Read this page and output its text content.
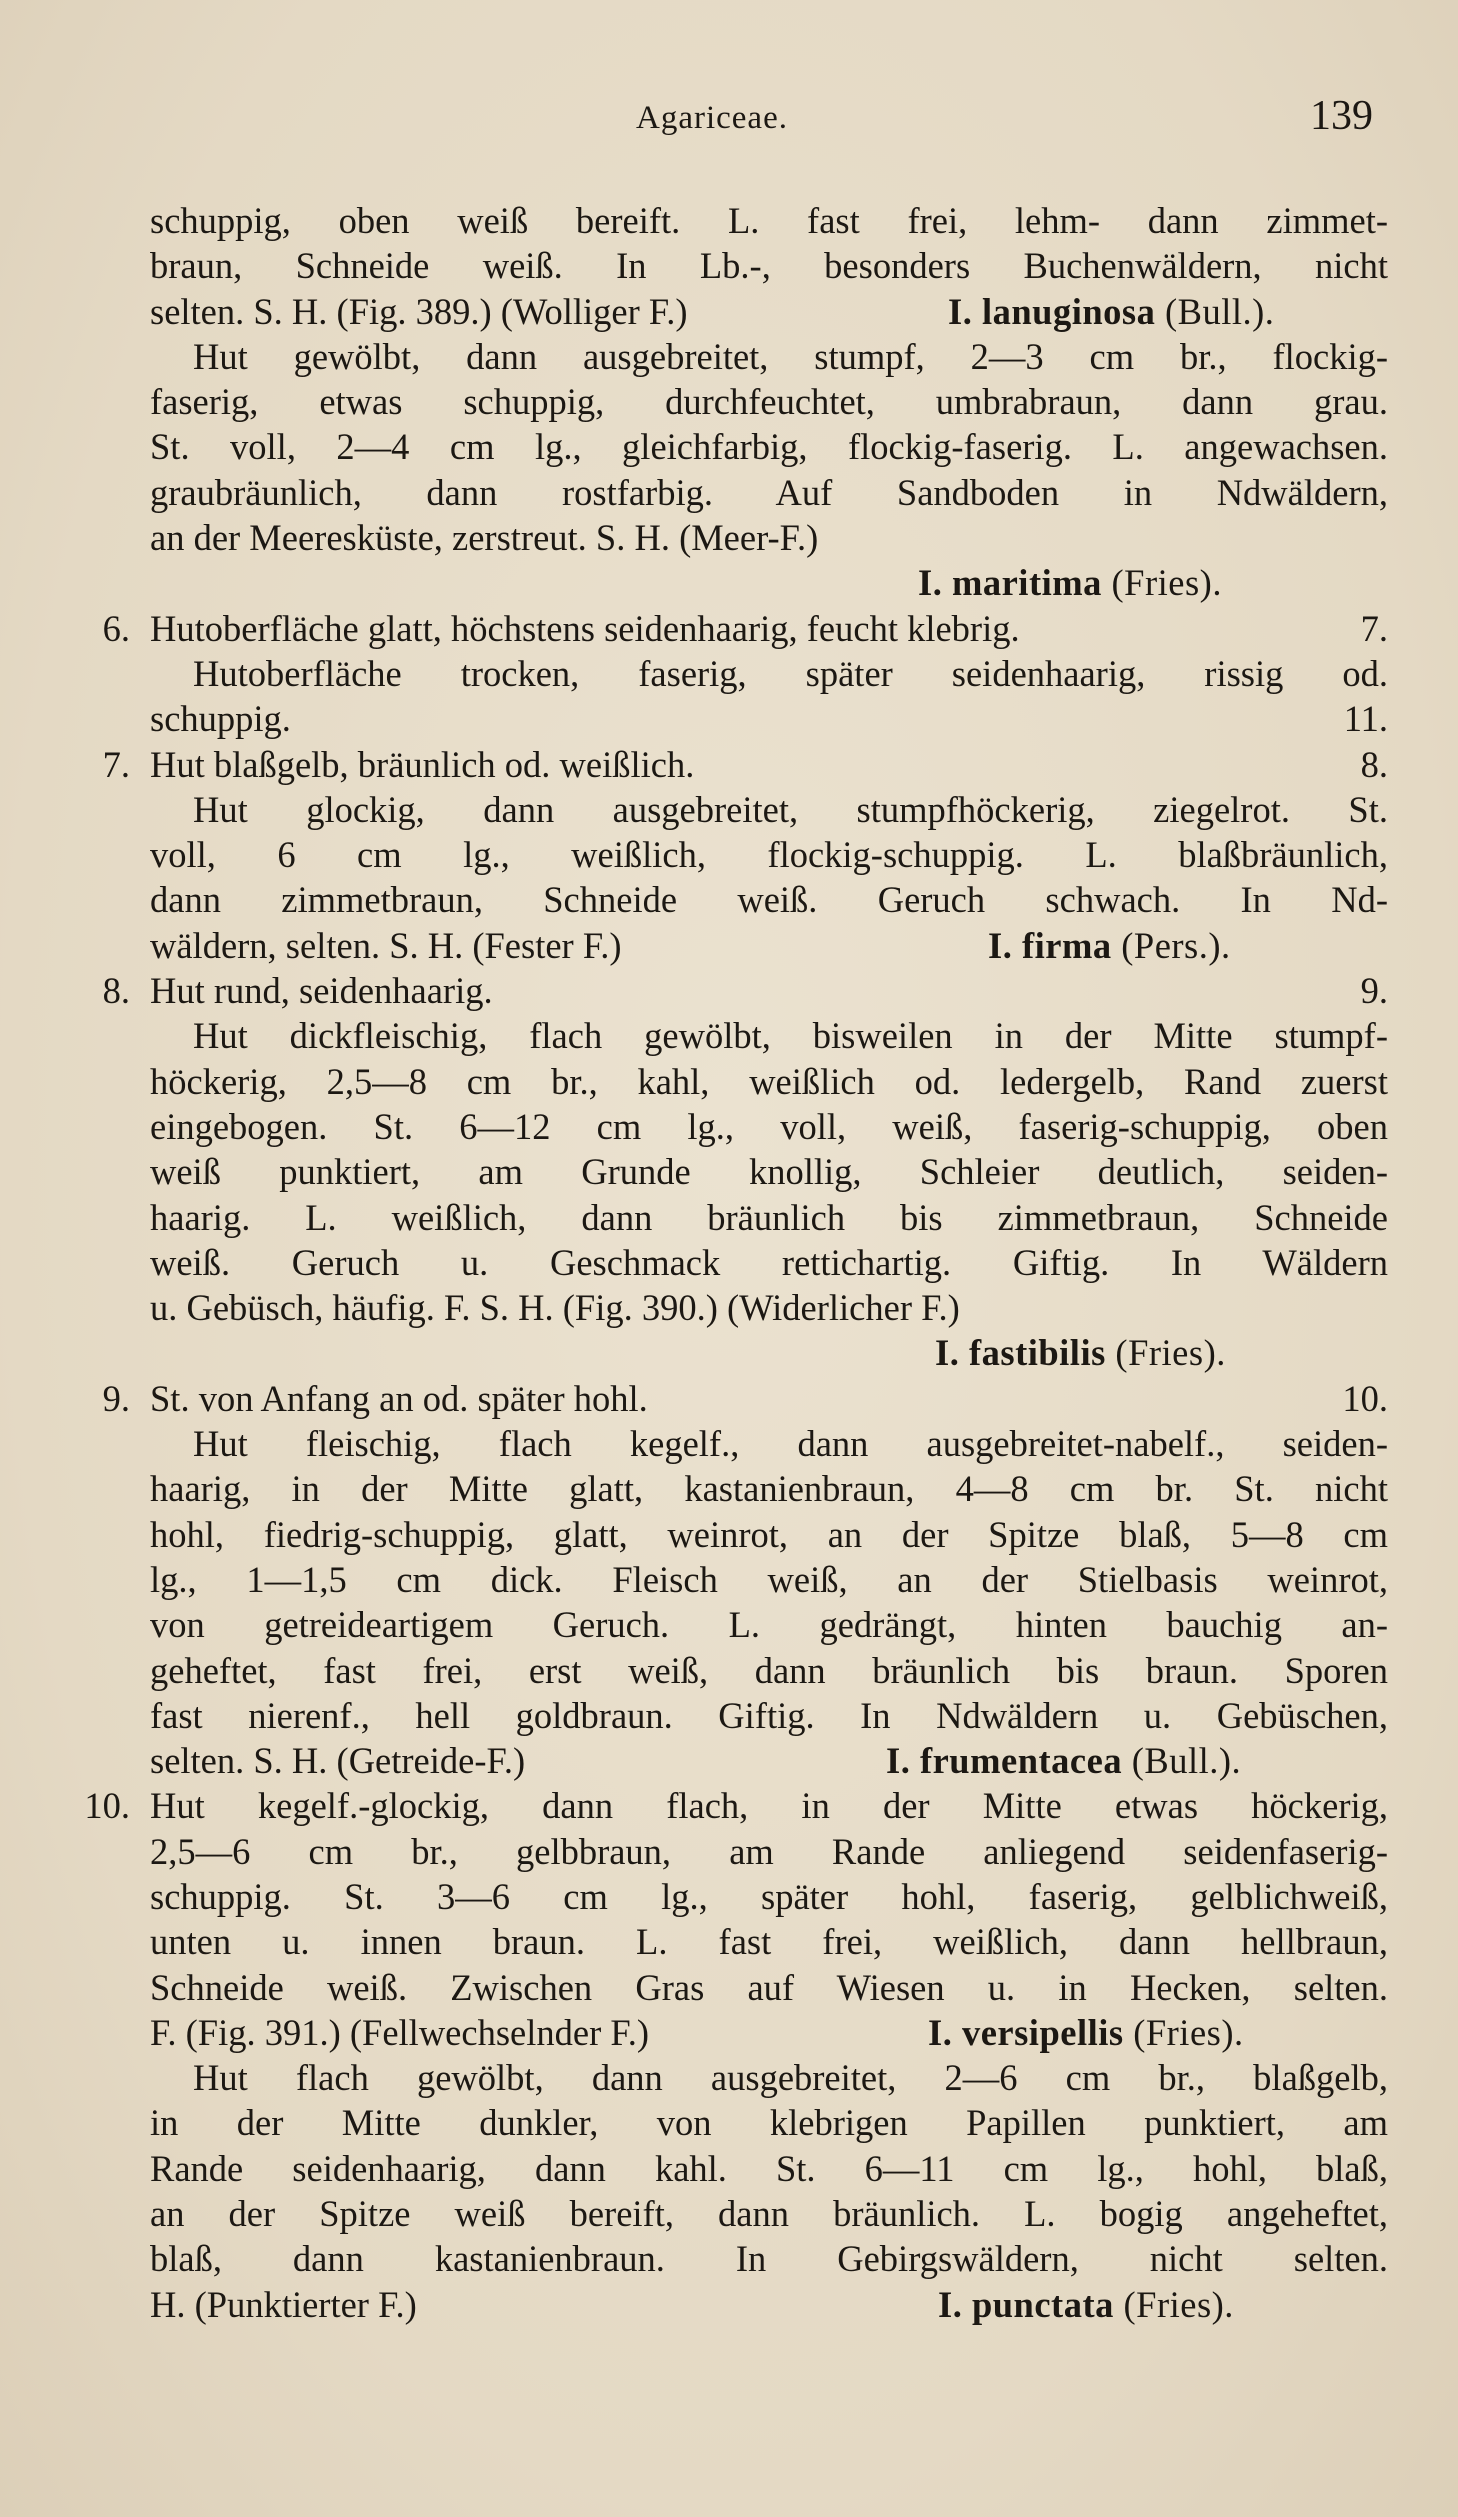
Agariceae.	139
schuppig, oben weiß bereift. L. fast frei, lehm- dann zimmet-
braun, Schneide weiß. In Lb.-, besonders Buchenwäldern, nicht
selten. S. H. (Fig. 389.) (Wolliger F.)	I. lanuginosa (Bull.).
Hut gewölbt, dann ausgebreitet, stumpf, 2—3 cm br., flockig-
faserig, etwas schuppig, durchfeuchtet, umbrabraun, dann grau.
St. voll, 2—4 cm lg., gleichfarbig, flockig-faserig. L. angewachsen.
graubräunlich, dann rostfarbig. Auf Sandboden in Ndwäldern,
an der Meeresküste, zerstreut. S. H. (Meer-F.)
I. maritima (Fries).
6. Hutoberfläche glatt, höchstens seidenhaarig, feucht klebrig.	7.
Hutoberfläche trocken, faserig, später seidenhaarig, rissig od.
schuppig.	11.
7. Hut blaßgelb, bräunlich od. weißlich.	8.
Hut glockig, dann ausgebreitet, stumpfhöckerig, ziegelrot. St.
voll, 6 cm lg., weißlich, flockig-schuppig. L. blaßbräunlich,
dann zimmetbraun, Schneide weiß. Geruch schwach. In Nd-
wäldern, selten. S. H. (Fester F.)	I. firma (Pers.).
8. Hut rund, seidenhaarig.	9.
Hut dickfleischig, flach gewölbt, bisweilen in der Mitte stumpf-
höckerig, 2,5—8 cm br., kahl, weißlich od. ledergelb, Rand zuerst
eingebogen. St. 6—12 cm lg., voll, weiß, faserig-schuppig, oben
weiß punktiert, am Grunde knollig, Schleier deutlich, seiden-
haarig. L. weißlich, dann bräunlich bis zimmetbraun, Schneide
weiß. Geruch u. Geschmack rettichartig. Giftig. In Wäldern
u. Gebüsch, häufig. F. S. H. (Fig. 390.) (Widerlicher F.)
I. fastibilis (Fries).
9. St. von Anfang an od. später hohl.	10.
Hut fleischig, flach kegelf., dann ausgebreitet-nabelf., seiden-
haarig, in der Mitte glatt, kastanienbraun, 4—8 cm br. St. nicht
hohl, fiedrig-schuppig, glatt, weinrot, an der Spitze blaß, 5—8 cm
lg., 1—1,5 cm dick. Fleisch weiß, an der Stielbasis weinrot,
von getreideartigem Geruch. L. gedrängt, hinten bauchig an-
geheftet, fast frei, erst weiß, dann bräunlich bis braun. Sporen
fast nierenf., hell goldbraun. Giftig. In Ndwäldern u. Gebüschen,
selten. S. H. (Getreide-F.)	I. frumentacea (Bull.).
10. Hut kegelf.-glockig, dann flach, in der Mitte etwas höckerig,
2,5—6 cm br., gelbbraun, am Rande anliegend seidenfaserig-
schuppig. St. 3—6 cm lg., später hohl, faserig, gelblichweiß,
unten u. innen braun. L. fast frei, weißlich, dann hellbraun,
Schneide weiß. Zwischen Gras auf Wiesen u. in Hecken, selten.
F. (Fig. 391.) (Fellwechselnder F.)	I. versipellis (Fries).
Hut flach gewölbt, dann ausgebreitet, 2—6 cm br., blaßgelb,
in der Mitte dunkler, von klebrigen Papillen punktiert, am
Rande seidenhaarig, dann kahl. St. 6—11 cm lg., hohl, blaß,
an der Spitze weiß bereift, dann bräunlich. L. bogig angeheftet,
blaß, dann kastanienbraun. In Gebirgswäldern, nicht selten.
H. (Punktierter F.)	I. punctata (Fries).
